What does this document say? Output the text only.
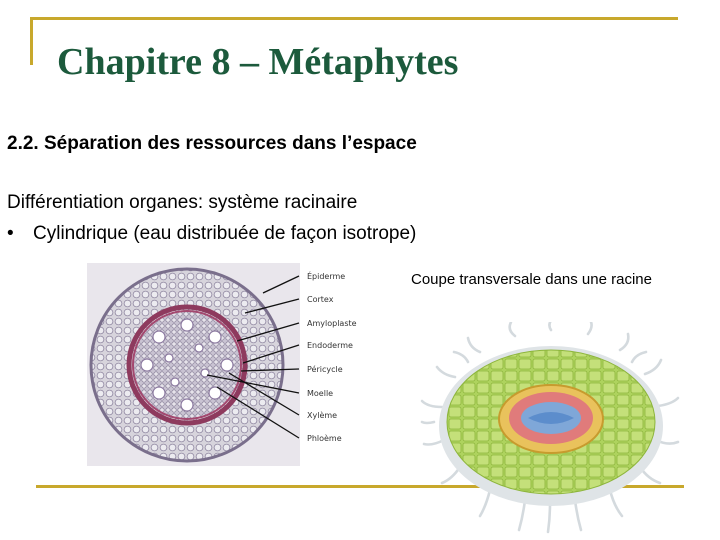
Chapitre 8 – Métaphytes
2.2. Séparation des ressources dans l’espace
Différentiation organes: système racinaire
• Cylindrique (eau distribuée de façon isotrope)
Épiderme
Cortex
Amyloplaste
Endoderme
Péricycle
Moelle
Xylème
Phloème
Coupe transversale dans une racine
